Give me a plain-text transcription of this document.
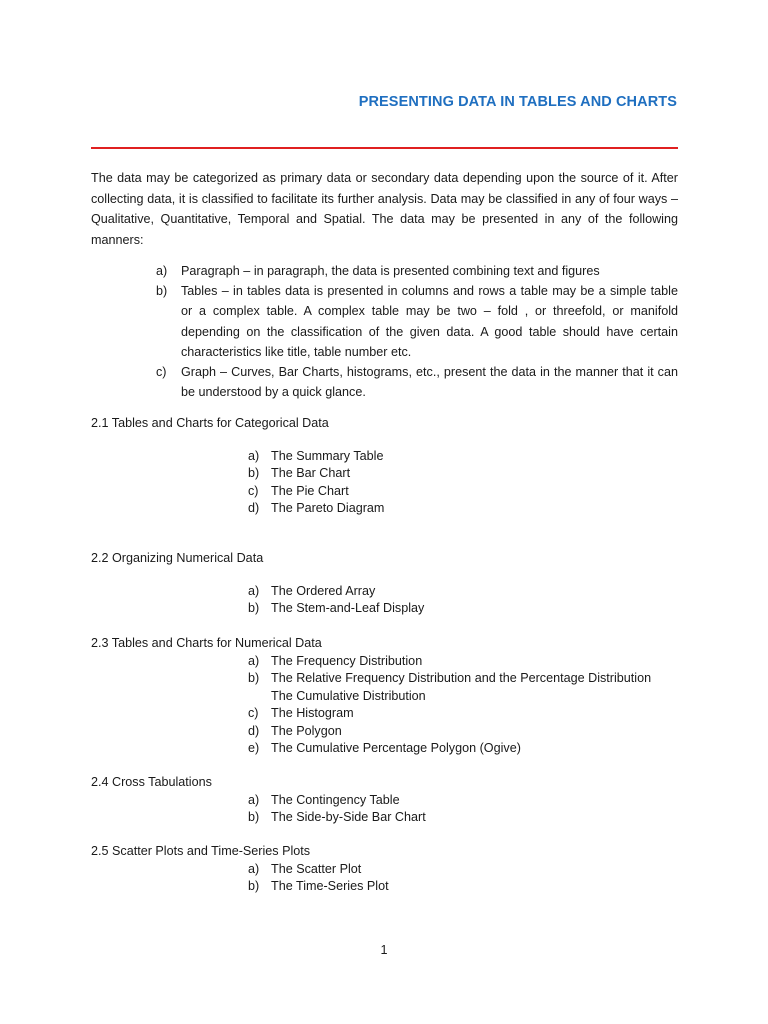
PRESENTING DATA IN TABLES AND CHARTS

The data may be categorized as primary data or secondary data depending upon the source of it. After collecting data, it is classified to facilitate its further analysis. Data may be classified in any of four ways – Qualitative, Quantitative, Temporal and Spatial. The data may be presented in any of the following manners:

a)	Paragraph – in paragraph, the data is presented combining text and figures
b)	Tables – in tables data is presented in columns and rows a table may be a simple table or a complex table. A complex table may be two – fold , or threefold, or manifold depending on the classification of the given data. A good table should have certain characteristics like title, table number etc.
c)	Graph – Curves, Bar Charts, histograms, etc., present the data in the manner that it can be understood by a quick glance.

2.1 Tables and Charts for Categorical Data

a) The Summary Table
b) The Bar Chart
c) The Pie Chart
d) The Pareto Diagram

2.2 Organizing Numerical Data

a) The Ordered Array
b) The Stem-and-Leaf Display

2.3 Tables and Charts for Numerical Data

a) The Frequency Distribution
b) The Relative Frequency Distribution and the Percentage Distribution
The Cumulative Distribution
c) The Histogram
d) The Polygon
e) The Cumulative Percentage Polygon (Ogive)

2.4 Cross Tabulations

a) The Contingency Table
b) The Side-by-Side Bar Chart

2.5 Scatter Plots and Time-Series Plots

a) The Scatter Plot
b) The Time-Series Plot
1
